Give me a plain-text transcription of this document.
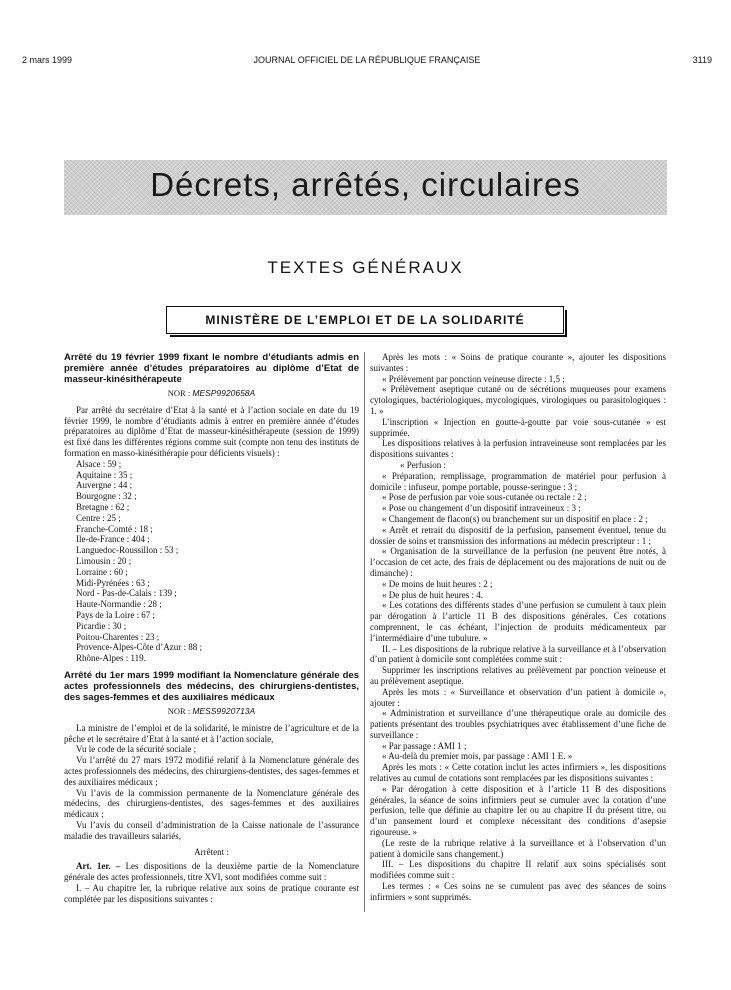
2 mars 1999	JOURNAL OFFICIEL DE LA RÉPUBLIQUE FRANÇAISE	3119
Décrets, arrêtés, circulaires
TEXTES GÉNÉRAUX
MINISTÈRE DE L’EMPLOI ET DE LA SOLIDARITÉ

Arrêté du 19 février 1999 fixant le nombre d’étudiants admis en première année d’études préparatoires au diplôme d’Etat de masseur-kinésithérapeute

NOR : MESP9920658A

Par arrêté du secrétaire d’Etat à la santé et à l’action sociale en date du 19 février 1999, le nombre d’étudiants admis à entrer en première année d’études préparatoires au diplôme d’Etat de masseur-kinésithérapeute (session de 1999) est fixé dans les différentes régions comme suit (compte non tenu des instituts de formation en masso-kinésithérapie pour déficients visuels) :

Alsace : 59 ;

Aquitaine : 35 ;

Auvergne : 44 ;

Bourgogne : 32 ;

Bretagne : 62 ;

Centre : 25 ;

Franche-Comté : 18 ;

Ile-de-France : 404 ;

Languedoc-Roussillon : 53 ;

Limousin : 20 ;

Lorraine : 60 ;

Midi-Pyrénées : 63 ;

Nord - Pas-de-Calais : 139 ;

Haute-Normandie : 28 ;

Pays de la Loire : 67 ;

Picardie : 30 ;

Poitou-Charentes : 23 ;

Provence-Alpes-Côte d’Azur : 88 ;

Rhône-Alpes : 119.

Arrêté du 1er mars 1999 modifiant la Nomenclature générale des actes professionnels des médecins, des chirurgiens-dentistes, des sages-femmes et des auxiliaires médicaux

NOR : MESS9920713A

La ministre de l’emploi et de la solidarité, le ministre de l’agriculture et de la pêche et le secrétaire d’Etat à la santé et à l’action sociale,

Vu le code de la sécurité sociale ;

Vu l’arrêté du 27 mars 1972 modifié relatif à la Nomenclature générale des actes professionnels des médecins, des chirurgiens-dentistes, des sages-femmes et des auxiliaires médicaux ;

Vu l’avis de la commission permanente de la Nomenclature générale des médecins, des chirurgiens-dentistes, des sages-femmes et des auxiliaires médicaux ;

Vu l’avis du conseil d’administration de la Caisse nationale de l’assurance maladie des travailleurs salariés,

Arrêtent :

Art. 1er. – Les dispositions de la deuxième partie de la Nomenclature générale des actes professionnels, titre XVI, sont modifiées comme suit :

I. – Au chapitre Ier, la rubrique relative aux soins de pratique courante est complétée par les dispositions suivantes :

Après les mots : « Soins de pratique courante », ajouter les dispositions suivantes :

« Prélèvement par ponction veineuse directe : 1,5 ;

« Prélèvement aseptique cutané ou de sécrétions muqueuses pour examens cytologiques, bactériologiques, mycologiques, virologiques ou parasitologiques : 1. »

L’inscription « Injection en goutte-à-goutte par voie sous-cutanée » est supprimée.

Les dispositions relatives à la perfusion intraveineuse sont remplacées par les dispositions suivantes :

« Perfusion :

« Préparation, remplissage, programmation de matériel pour perfusion à domicile : infuseur, pompe portable, pousse-seringue : 3 ;

« Pose de perfusion par voie sous-cutanée ou rectale : 2 ;

« Pose ou changement d’un dispositif intraveineux : 3 ;

« Changement de flacon(s) ou branchement sur un dispositif en place : 2 ;

« Arrêt et retrait du dispositif de la perfusion, pansement éventuel, tenue du dossier de soins et transmission des informations au médecin prescripteur : 1 ;

« Organisation de la surveillance de la perfusion (ne peuvent être notés, à l’occasion de cet acte, des frais de déplacement ou des majorations de nuit ou de dimanche) :

« De moins de huit heures : 2 ;

« De plus de huit heures : 4.

« Les cotations des différents stades d’une perfusion se cumulent à taux plein par dérogation à l’article 11 B des dispositions générales. Ces cotations comprennent, le cas échéant, l’injection de produits médicamenteux par l’intermédiaire d’une tubulure. »

II. – Les dispositions de la rubrique relative à la surveillance et à l’observation d’un patient à domicile sont complétées comme suit :

Supprimer les inscriptions relatives au prélèvement par ponction veineuse et au prélèvement aseptique.

Après les mots : « Surveillance et observation d’un patient à domicile », ajouter :

« Administration et surveillance d’une thérapeutique orale au domicile des patients présentant des troubles psychiatriques avec établissement d’une fiche de surveillance :

« Par passage : AMI 1 ;

« Au-delà du premier mois, par passage : AMI 1 E. »

Après les mots : « Cette cotation inclut les actes infirmiers », les dispositions relatives au cumul de cotations sont remplacées par les dispositions suivantes :

« Par dérogation à cette disposition et à l’article 11 B des dispositions générales, la séance de soins infirmiers peut se cumuler avec la cotation d’une perfusion, telle que définie au chapitre Ier ou au chapitre II du présent titre, ou d’un pansement lourd et complexe nécessitant des conditions d’asepsie rigoureuse. »

(Le reste de la rubrique relative à la surveillance et à l’observation d’un patient à domicile sans changement.)

III. – Les dispositions du chapitre II relatif aux soins spécialisés sont modifiées comme suit :

Les termes : « Ces soins ne se cumulent pas avec des séances de soins infirmiers » sont supprimés.
